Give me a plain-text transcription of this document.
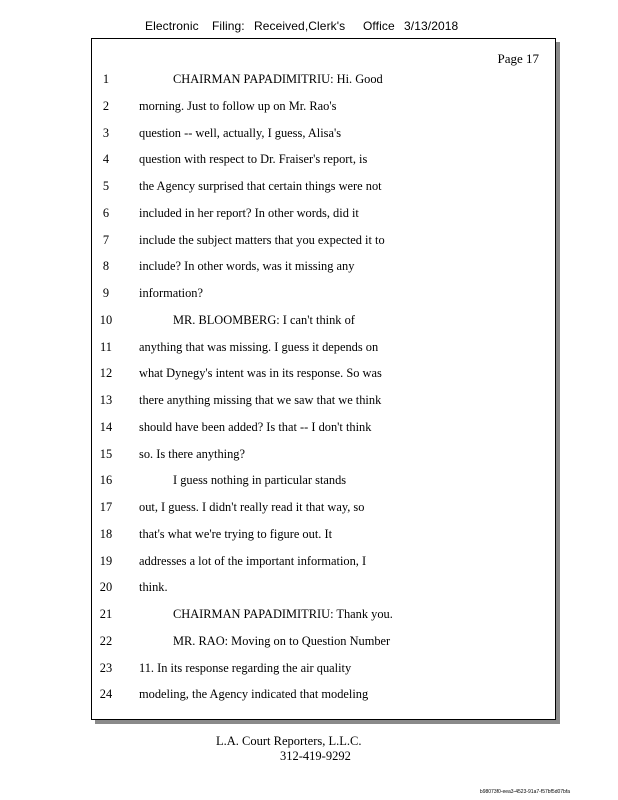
Electronic Filing: Received,Clerk's Office 3/13/2018
Page 17
1	CHAIRMAN PAPADIMITRIU: Hi. Good
2	morning. Just to follow up on Mr. Rao's
3	question -- well, actually, I guess, Alisa's
4	question with respect to Dr. Fraiser's report, is
5	the Agency surprised that certain things were not
6	included in her report? In other words, did it
7	include the subject matters that you expected it to
8	include? In other words, was it missing any
9	information?
10	MR. BLOOMBERG: I can't think of
11	anything that was missing. I guess it depends on
12	what Dynegy's intent was in its response. So was
13	there anything missing that we saw that we think
14	should have been added? Is that -- I don't think
15	so. Is there anything?
16	I guess nothing in particular stands
17	out, I guess. I didn't really read it that way, so
18	that's what we're trying to figure out. It
19	addresses a lot of the important information, I
20	think.
21	CHAIRMAN PAPADIMITRIU: Thank you.
22	MR. RAO: Moving on to Question Number
23	11. In its response regarding the air quality
24	modeling, the Agency indicated that modeling
L.A. Court Reporters, L.L.C.
312-419-9292
b98073f0-eea3-4523-91a7-f57bf5d07bfa
